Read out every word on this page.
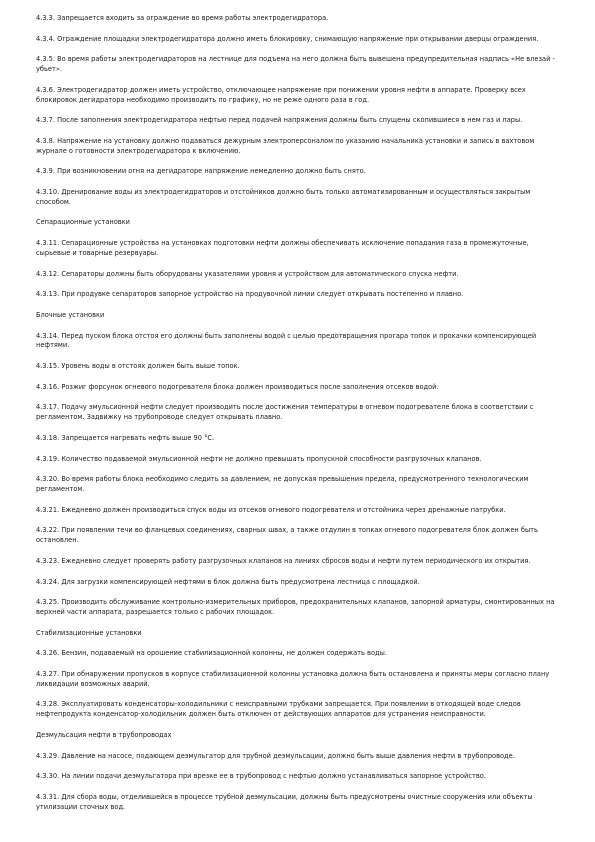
4.3.3. Запрещается входить за ограждение во время работы электродегидратора.

4.3.4. Ограждение площадки электродегидратора должно иметь блокировку, снимающую напряжение при открывании дверцы ограждения.

4.3.5. Во время работы электродегидраторов на лестнице для подъема на него должна быть вывешена предупредительная надпись «Не влезай - убьет».

4.3.6. Электродегидратор должен иметь устройство, отключающее напряжение при понижении уровня нефти в аппарате. Проверку всех блокировок дегидратора необходимо производить по графику, но не реже одного раза в год.

4.3.7. После заполнения электродегидратора нефтью перед подачей напряжения должны быть спущены скопившиеся в нем газ и пары.

4.3.8. Напряжение на установку должно подаваться дежурным электроперсоналом по указанию начальника установки и запись в вахтовом журнале о готовности электродегидратора к включению.

4.3.9. При возникновении огня на дегидраторе напряжение немедленно должно быть снято.

4.3.10. Дренирование воды из электродегидраторов и отстойников должно быть только автоматизированным и осуществляться закрытым способом.

Сепарационные установки

4.3.11. Сепарационные устройства на установках подготовки нефти должны обеспечивать исключение попадания газа в промежуточные, сырьевые и товарные резервуары.

4.3.12. Сепараторы должны быть оборудованы указателями уровня и устройством для автоматического спуска нефти.

4.3.13. При продувке сепараторов запорное устройство на продувочной линии следует открывать постепенно и плавно.

Блочные установки

4.3.14. Перед пуском блока отстоя его должны быть заполнены водой с целью предотвращения прогара топок и прокачки компенсирующей нефтями.

4.3.15. Уровень воды в отстоях должен быть выше топок.

4.3.16. Розжиг форсунок огневого подогревателя блока должен производиться после заполнения отсеков водой.

4.3.17. Подачу эмульсионной нефти следует производить после достижения температуры в огневом подогревателе блока в соответствии с регламентом. Задвижку на трубопроводе следует открывать плавно.

4.3.18. Запрещается нагревать нефть выше 90 °С.

4.3.19. Количество подаваемой эмульсионной нефти не должно превышать пропускной способности разгрузочных клапанов.

4.3.20. Во время работы блока необходимо следить за давлением, не допуская превышения предела, предусмотренного технологическим регламентом.

4.3.21. Ежедневно должен производиться спуск воды из отсеков огневого подогревателя и отстойника через дренажные патрубки.

4.3.22. При появлении течи во фланцевых соединениях, сварных швах, а также отдулин в топках огневого подогревателя блок должен быть остановлен.

4.3.23. Ежедневно следует проверять работу разгрузочных клапанов на линиях сбросов воды и нефти путем периодического их открытия.

4.3.24. Для загрузки компенсирующей нефтями в блок должна быть предусмотрена лестница с площадкой.

4.3.25. Производить обслуживание контрольно-измерительных приборов, предохранительных клапанов, запорной арматуры, смонтированных на верхней части аппарата, разрешается только с рабочих площадок.

Стабилизационные установки

4.3.26. Бензин, подаваемый на орошение стабилизационной колонны, не должен содержать воды.

4.3.27. При обнаружении пропусков в корпусе стабилизационной колонны установка должна быть остановлена и приняты меры согласно плану ликвидации возможных аварий.

4.3.28. Эксплуатировать конденсаторы-холодильники с неисправными трубками запрещается. При появлении в отходящей воде следов нефтепродукта конденсатор-холодильник должен быть отключен от действующих аппаратов для устранения неисправности.

Деэмульсация нефти в трубопроводах

4.3.29. Давление на насосе, подающем деэмульгатор для трубной деэмульсации, должно быть выше давления нефти в трубопроводе.

4.3.30. На линии подачи деэмульгатора при врезке ее в трубопровод с нефтью должно устанавливаться запорное устройство.

4.3.31. Для сбора воды, отделившейся в процессе трубной деэмульсации, должны быть предусмотрены очистные сооружения или объекты утилизации сточных вод.
